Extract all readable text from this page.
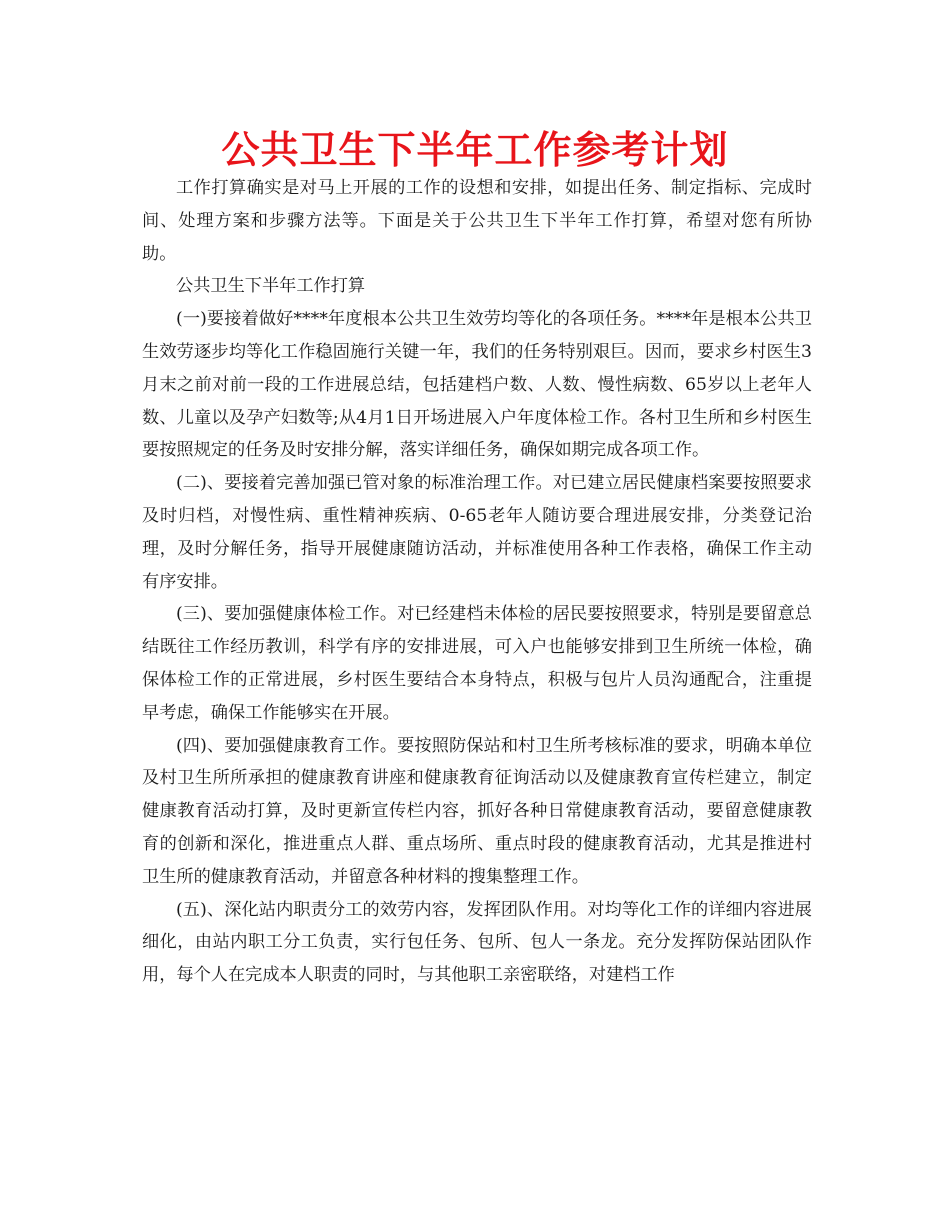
公共卫生下半年工作参考计划

工作打算确实是对马上开展的工作的设想和安排，如提出任务、制定指标、完成时间、处理方案和步骤方法等。下面是关于公共卫生下半年工作打算，希望对您有所协助。

公共卫生下半年工作打算

(一)要接着做好****年度根本公共卫生效劳均等化的各项任务。****年是根本公共卫生效劳逐步均等化工作稳固施行关键一年，我们的任务特别艰巨。因而，要求乡村医生3月末之前对前一段的工作进展总结，包括建档户数、人数、慢性病数、65岁以上老年人数、儿童以及孕产妇数等;从4月1日开场进展入户年度体检工作。各村卫生所和乡村医生要按照规定的任务及时安排分解，落实详细任务，确保如期完成各项工作。

(二)、要接着完善加强已管对象的标准治理工作。对已建立居民健康档案要按照要求及时归档，对慢性病、重性精神疾病、0-65老年人随访要合理进展安排，分类登记治理，及时分解任务，指导开展健康随访活动，并标准使用各种工作表格，确保工作主动有序安排。

(三)、要加强健康体检工作。对已经建档未体检的居民要按照要求，特别是要留意总结既往工作经历教训，科学有序的安排进展，可入户也能够安排到卫生所统一体检，确保体检工作的正常进展，乡村医生要结合本身特点，积极与包片人员沟通配合，注重提早考虑，确保工作能够实在开展。

(四)、要加强健康教育工作。要按照防保站和村卫生所考核标准的要求，明确本单位及村卫生所所承担的健康教育讲座和健康教育征询活动以及健康教育宣传栏建立，制定健康教育活动打算，及时更新宣传栏内容，抓好各种日常健康教育活动，要留意健康教育的创新和深化，推进重点人群、重点场所、重点时段的健康教育活动，尤其是推进村卫生所的健康教育活动，并留意各种材料的搜集整理工作。

(五)、深化站内职责分工的效劳内容，发挥团队作用。对均等化工作的详细内容进展细化，由站内职工分工负责，实行包任务、包所、包人一条龙。充分发挥防保站团队作用，每个人在完成本人职责的同时，与其他职工亲密联络，对建档工作
